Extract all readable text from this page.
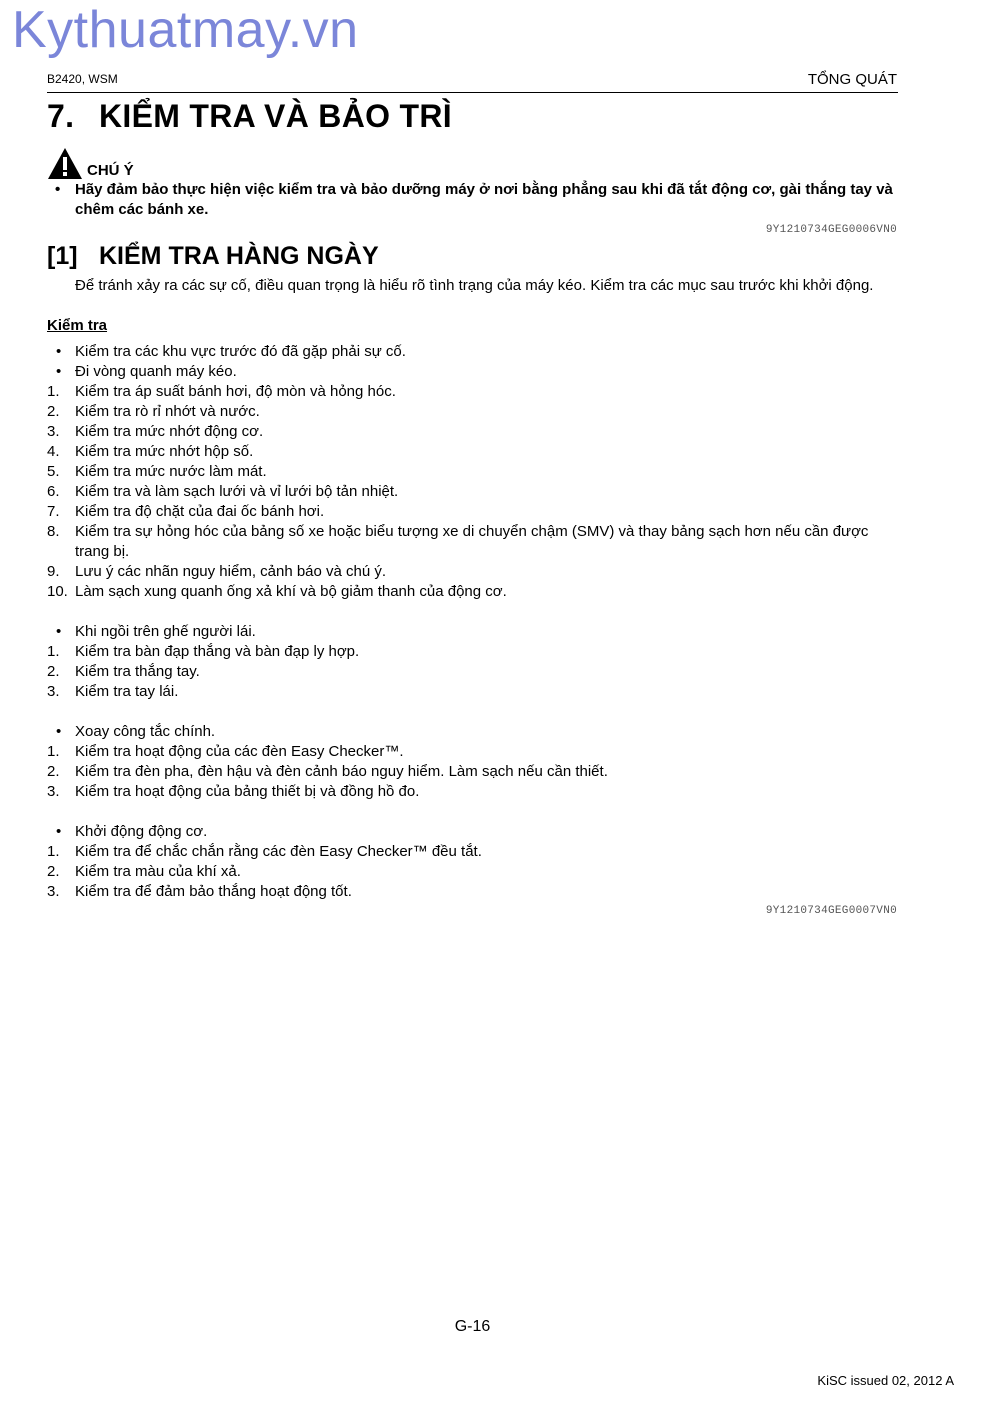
Kythuatmay.vn
B2420, WSM	TỔNG QUÁT
7. KIỂM TRA VÀ BẢO TRÌ
CHÚ Ý
• Hãy đảm bảo thực hiện việc kiểm tra và bảo dưỡng máy ở nơi bằng phẳng sau khi đã tắt động cơ, gài thắng tay và chêm các bánh xe.
9Y1210734GEG0006VN0
[1] KIỂM TRA HÀNG NGÀY
Để tránh xảy ra các sự cố, điều quan trọng là hiểu rõ tình trạng của máy kéo. Kiểm tra các mục sau trước khi khởi động.
Kiểm tra
• Kiểm tra các khu vực trước đó đã gặp phải sự cố.
• Đi vòng quanh máy kéo.
1.	Kiểm tra áp suất bánh hơi, độ mòn và hỏng hóc.
2.	Kiểm tra rò rỉ nhớt và nước.
3.	Kiểm tra mức nhớt động cơ.
4.	Kiểm tra mức nhớt hộp số.
5.	Kiểm tra mức nước làm mát.
6.	Kiểm tra và làm sạch lưới và vỉ lưới bộ tản nhiệt.
7.	Kiểm tra độ chặt của đai ốc bánh hơi.
8.	Kiểm tra sự hỏng hóc của bảng số xe hoặc biểu tượng xe di chuyển chậm (SMV) và thay bảng sạch hơn nếu cần được trang bị.
9.	Lưu ý các nhãn nguy hiểm, cảnh báo và chú ý.
10. Làm sạch xung quanh ống xả khí và bộ giảm thanh của động cơ.
• Khi ngồi trên ghế người lái.
1.	Kiểm tra bàn đạp thắng và bàn đạp ly hợp.
2.	Kiểm tra thắng tay.
3.	Kiểm tra tay lái.
• Xoay công tắc chính.
1.	Kiểm tra hoạt động của các đèn Easy Checker™.
2.	Kiểm tra đèn pha, đèn hậu và đèn cảnh báo nguy hiểm. Làm sạch nếu cần thiết.
3.	Kiểm tra hoạt động của bảng thiết bị và đồng hồ đo.
• Khởi động động cơ.
1.	Kiểm tra để chắc chắn rằng các đèn Easy Checker™ đều tắt.
2.	Kiểm tra màu của khí xả.
3.	Kiểm tra để đảm bảo thắng hoạt động tốt.
9Y1210734GEG0007VN0
G-16
KiSC issued 02, 2012 A
